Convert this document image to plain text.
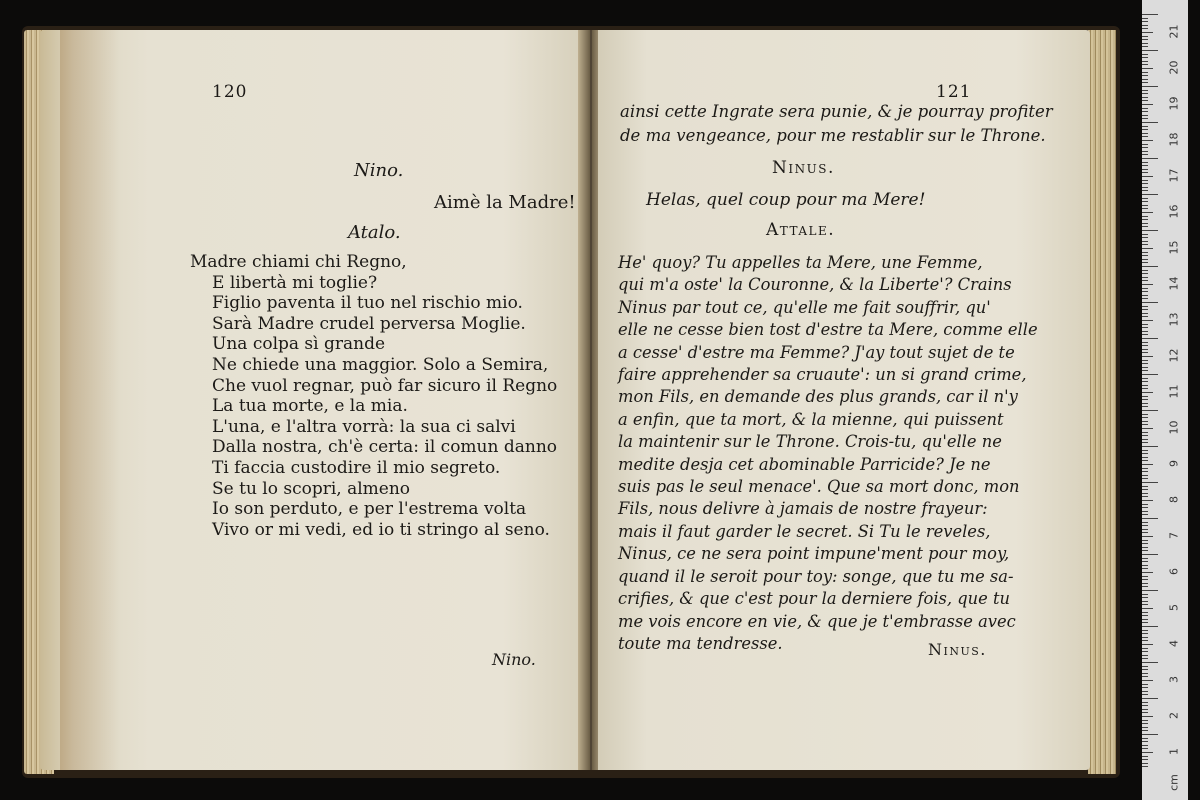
120
Nino.
Aimè la Madre!
Atalo.
Madre chiami chi Regno,
E libertà mi toglie?
Figlio paventa il tuo nel rischio mio.
Sarà Madre crudel perversa Moglie.
Una colpa sì grande
Ne chiede una maggior. Solo a Semira,
Che vuol regnar, può far sicuro il Regno
La tua morte, e la mia.
L'una, e l'altra vorrà: la sua ci salvi
Dalla nostra, ch'è certa: il comun danno
Ti faccia custodire il mio segreto.
Se tu lo scopri, almeno
Io son perduto, e per l'estrema volta
Vivo or mi vedi, ed io ti stringo al seno.
Nino.
121
ainsi cette Ingrate sera punie, & je pourray profiter
de ma vengeance, pour me restablir sur le Throne.
Ninus.
Helas, quel coup pour ma Mere!
Attale.
He' quoy? Tu appelles ta Mere, une Femme,
qui m'a oste' la Couronne, & la Liberte'? Crains
Ninus par tout ce, qu'elle me fait souffrir, qu'
elle ne cesse bien tost d'estre ta Mere, comme elle
a cesse' d'estre ma Femme? J'ay tout sujet de te
faire apprehender sa cruaute': un si grand crime,
mon Fils, en demande des plus grands, car il n'y
a enfin, que ta mort, & la mienne, qui puissent
la maintenir sur le Throne. Crois-tu, qu'elle ne
medite desja cet abominable Parricide? Je ne
suis pas le seul menace'. Que sa mort donc, mon
Fils, nous delivre à jamais de nostre frayeur:
mais il faut garder le secret. Si Tu le reveles,
Ninus, ce ne sera point impune'ment pour moy,
quand il le seroit pour toy: songe, que tu me sa-
crifies, & que c'est pour la derniere fois, que tu
me vois encore en vie, & que je t'embrasse avec
toute ma tendresse.	Ninus.
21
20
19
18
17
16
15
14
13
12
11
10
9
8
7
6
5
4
3
2
1
cm
